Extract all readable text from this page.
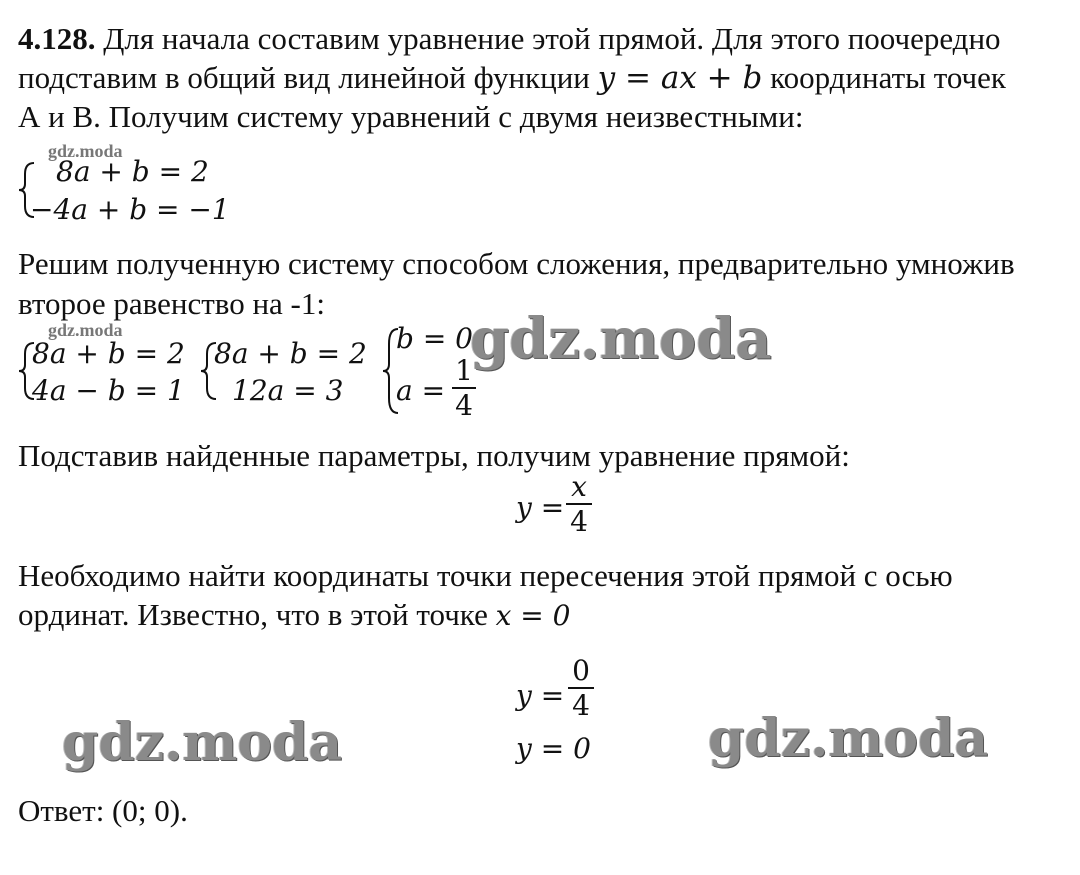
4.128. Для начала составим уравнение этой прямой. Для этого поочередно
подставим в общий вид линейной функции y = ax + b координаты точек
А и В. Получим систему уравнений с двумя неизвестными:
gdz.moda
8a + b = 2
−4a + b = −1
Решим полученную систему способом сложения, предварительно умножив
второе равенство на -1:
gdz.moda
8a + b = 2
4a − b = 1
8a + b = 2
12a = 3
b = 0
a =
1
4
gdz.moda
Подставив найденные параметры, получим уравнение прямой:
y =
x
4
Необходимо найти координаты точки пересечения этой прямой с осью
ординат. Известно, что в этой точке x = 0
y =
0
4
y = 0
gdz.moda	gdz.moda
Ответ: (0; 0).
